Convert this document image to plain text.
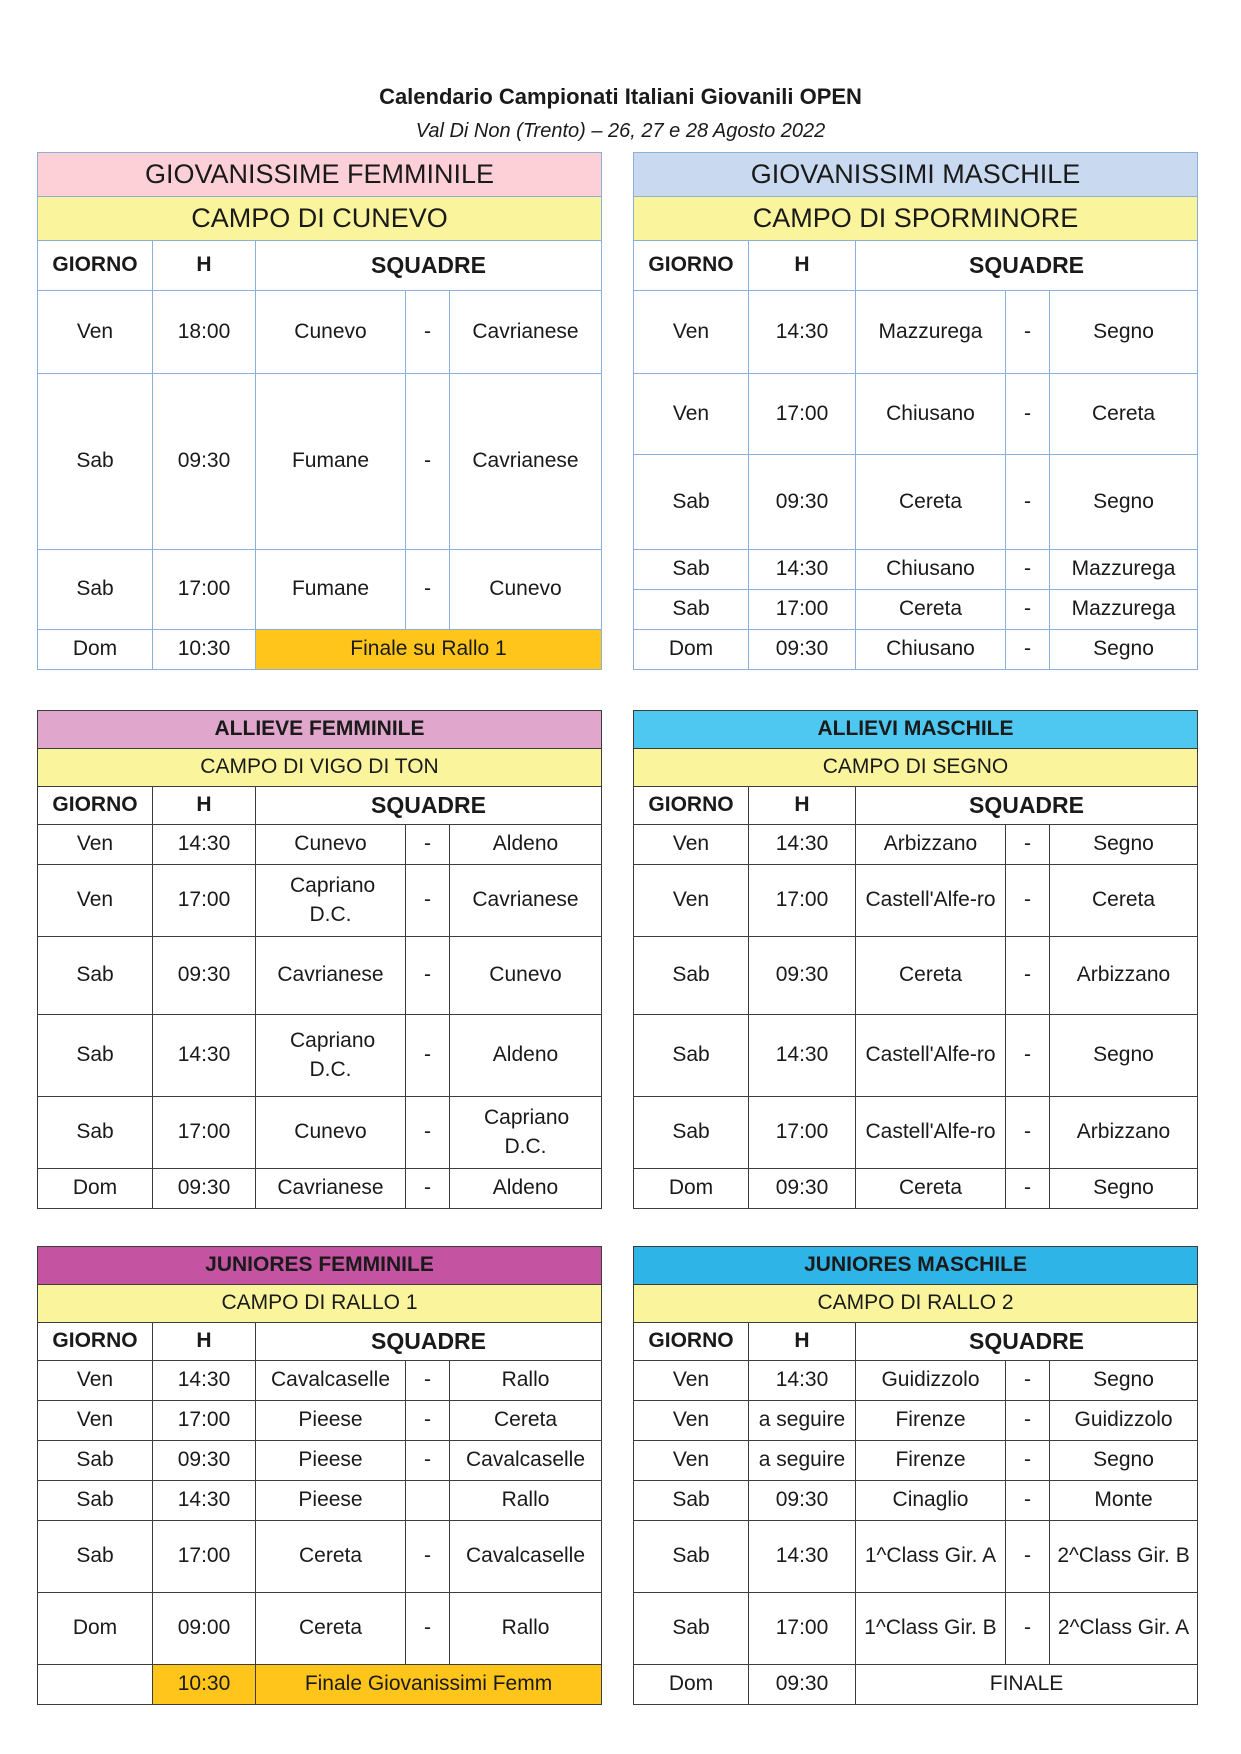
Calendario Campionati Italiani Giovanili OPEN
Val Di Non (Trento) – 26, 27 e 28 Agosto 2022
GIOVANISSIME FEMMINILE				
CAMPO DI CUNEVO				
GIORNO	H	SQUADRE		
Ven	18:00	Cunevo	-	Cavrianese
Sab	09:30	Fumane	-	Cavrianese
Sab	17:00	Fumane	-	Cunevo
Dom	10:30	Finale su Rallo 1		
GIOVANISSIMI MASCHILE				
CAMPO DI SPORMINORE				
GIORNO	H	SQUADRE		
Ven	14:30	Mazzurega	-	Segno
Ven	17:00	Chiusano	-	Cereta
Sab	09:30	Cereta	-	Segno
Sab	14:30	Chiusano	-	Mazzurega
Sab	17:00	Cereta	-	Mazzurega
Dom	09:30	Chiusano	-	Segno
ALLIEVE FEMMINILE				
CAMPO DI VIGO DI TON				
GIORNO	H	SQUADRE		
Ven	14:30	Cunevo	-	Aldeno
Ven	17:00	Capriano D.C.	-	Cavrianese
Sab	09:30	Cavrianese	-	Cunevo
Sab	14:30	Capriano D.C.	-	Aldeno
Sab	17:00	Cunevo	-	Capriano D.C.
Dom	09:30	Cavrianese	-	Aldeno
ALLIEVI MASCHILE				
CAMPO DI SEGNO				
GIORNO	H	SQUADRE		
Ven	14:30	Arbizzano	-	Segno
Ven	17:00	Castell'Alfe-ro	-	Cereta
Sab	09:30	Cereta	-	Arbizzano
Sab	14:30	Castell'Alfe-ro	-	Segno
Sab	17:00	Castell'Alfe-ro	-	Arbizzano
Dom	09:30	Cereta	-	Segno
JUNIORES FEMMINILE				
CAMPO DI RALLO 1				
GIORNO	H	SQUADRE		
Ven	14:30	Cavalcaselle	-	Rallo
Ven	17:00	Pieese	-	Cereta
Sab	09:30	Pieese	-	Cavalcaselle
Sab	14:30	Pieese		Rallo
Sab	17:00	Cereta	-	Cavalcaselle
Dom	09:00	Cereta	-	Rallo
	10:30	Finale Giovanissimi Femm		
JUNIORES MASCHILE				
CAMPO DI RALLO 2				
GIORNO	H	SQUADRE		
Ven	14:30	Guidizzolo	-	Segno
Ven	a seguire	Firenze	-	Guidizzolo
Ven	a seguire	Firenze	-	Segno
Sab	09:30	Cinaglio	-	Monte
Sab	14:30	1^Class Gir. A	-	2^Class Gir. B
Sab	17:00	1^Class Gir. B	-	2^Class Gir. A
Dom	09:30	FINALE		
